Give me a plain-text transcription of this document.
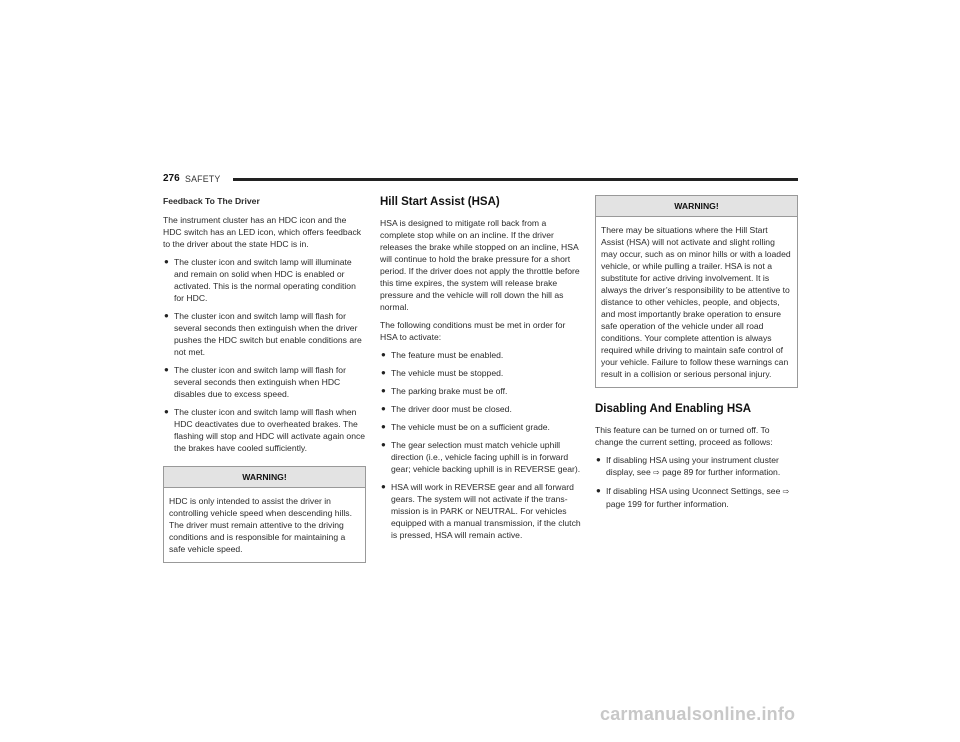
276 SAFETY

Feedback To The Driver

The instrument cluster has an HDC icon and the HDC switch has an LED icon, which offers feedback to the driver about the state HDC is in.

● The cluster icon and switch lamp will illuminate and remain on solid when HDC is enabled or activated. This is the normal operating condition for HDC.
● The cluster icon and switch lamp will flash for several seconds then extinguish when the driver pushes the HDC switch but enable conditions are not met.
● The cluster icon and switch lamp will flash for several seconds then extinguish when HDC disables due to excess speed.
● The cluster icon and switch lamp will flash when HDC deactivates due to overheated brakes. The flashing will stop and HDC will activate again once the brakes have cooled sufficiently.
WARNING!
HDC is only intended to assist the driver in controlling vehicle speed when descending hills. The driver must remain attentive to the driving conditions and is responsible for maintaining a safe vehicle speed.
Hill Start Assist (HSA)

HSA is designed to mitigate roll back from a complete stop while on an incline. If the driver releases the brake while stopped on an incline, HSA will continue to hold the brake pressure for a short period. If the driver does not apply the throttle before this time expires, the system will release brake pressure and the vehicle will roll down the hill as normal.

The following conditions must be met in order for HSA to activate:

● The feature must be enabled.
● The vehicle must be stopped.
● The parking brake must be off.
● The driver door must be closed.
● The vehicle must be on a sufficient grade.
● The gear selection must match vehicle uphill direction (i.e., vehicle facing uphill is in forward gear; vehicle backing uphill is in REVERSE gear).
● HSA will work in REVERSE gear and all forward gears. The system will not activate if the trans-mission is in PARK or NEUTRAL. For vehicles equipped with a manual transmission, if the clutch is pressed, HSA will remain active.
WARNING!
There may be situations where the Hill Start Assist (HSA) will not activate and slight rolling may occur, such as on minor hills or with a loaded vehicle, or while pulling a trailer. HSA is not a substitute for active driving involvement. It is always the driver’s responsibility to be attentive to distance to other vehicles, people, and objects, and most importantly brake operation to ensure safe operation of the vehicle under all road conditions. Your complete attention is always required while driving to maintain safe control of your vehicle. Failure to follow these warnings can result in a collision or serious personal injury.
Disabling And Enabling HSA

This feature can be turned on or turned off. To change the current setting, proceed as follows:

● If disabling HSA using your instrument cluster display, see ⇨ page 89 for further information.
● If disabling HSA using Uconnect Settings, see ⇨ page 199 for further information.
carmanualsonline.info
